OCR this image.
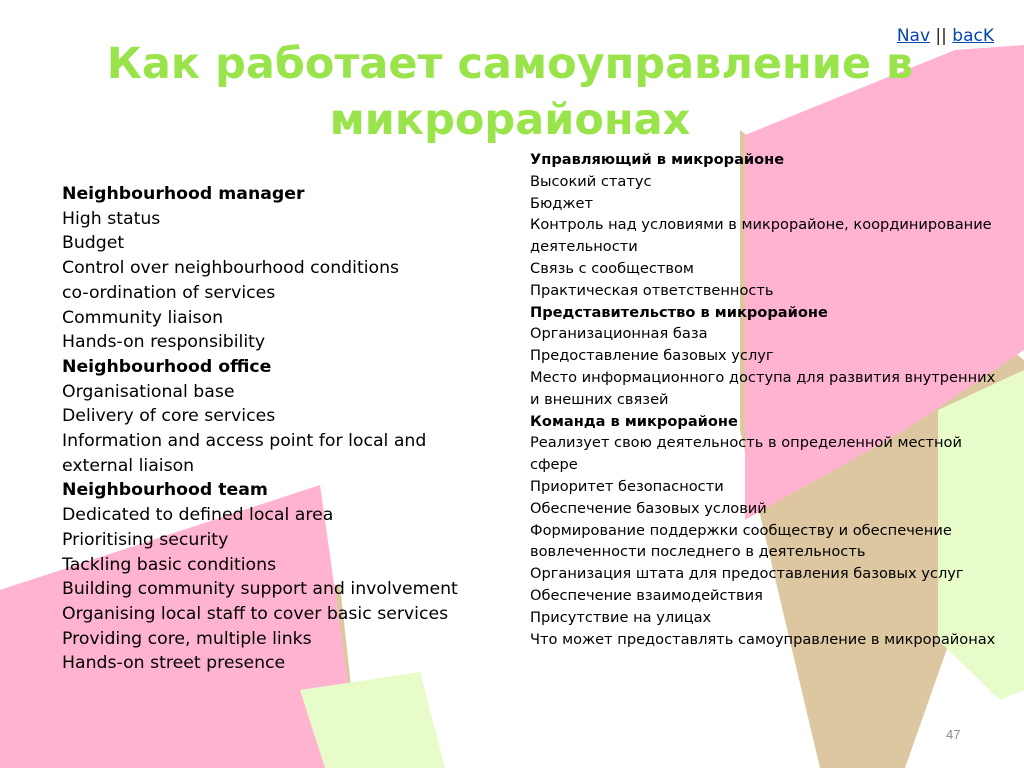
Nav || bacK
Как работает самоуправление в микрорайонах
Neighbourhood manager
High status
Budget
Control over neighbourhood conditions
co-ordination of services
Community liaison
Hands-on responsibility
Neighbourhood office
Organisational base
Delivery of core services
Information and access point for local and external liaison
Neighbourhood team
Dedicated to defined local area
Prioritising security
Tackling basic conditions
Building community support and involvement
Organising local staff to cover basic services
Providing core, multiple links
Hands-on street presence
Управляющий в микрорайоне
Высокий статус
Бюджет
Контроль над условиями в микрорайоне, координирование деятельности
Связь с сообществом
Практическая ответственность
Представительство в микрорайоне
Организационная база
Предоставление базовых услуг
Место информационного доступа для развития внутренних и внешних связей
Команда в микрорайоне
Реализует свою деятельность в определенной местной сфере
Приоритет безопасности
Обеспечение базовых условий
Формирование поддержки сообществу и обеспечение вовлеченности последнего в деятельность
Организация штата для предоставления базовых услуг
Обеспечение взаимодействия
Присутствие на улицах
Что может предоставлять самоуправление в микрорайонах
47
